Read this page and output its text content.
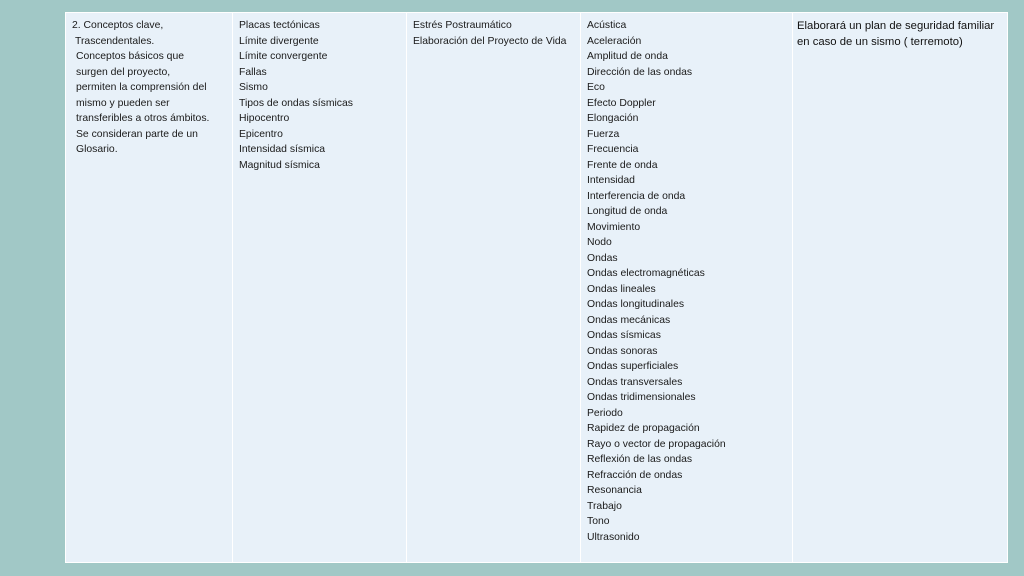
2. Conceptos clave,
Trascendentales.
Conceptos básicos que
surgen del proyecto,
permiten la comprensión del
mismo y pueden ser
transferibles a otros ámbitos.
Se consideran parte de un
Glosario.

Placas tectónicas
Límite divergente
Límite convergente
Fallas
Sismo
Tipos de ondas sísmicas
Hipocentro
Epicentro
Intensidad sísmica
Magnitud sísmica

Estrés Postraumático
Elaboración del Proyecto de Vida

Acústica
Aceleración
Amplitud de onda
Dirección de las ondas
Eco
Efecto Doppler
Elongación
Fuerza
Frecuencia
Frente de onda
Intensidad
Interferencia de onda
Longitud de onda
Movimiento
Nodo
Ondas
Ondas electromagnéticas
Ondas lineales
Ondas longitudinales
Ondas mecánicas
Ondas sísmicas
Ondas sonoras
Ondas superficiales
Ondas transversales
Ondas tridimensionales
Periodo
Rapidez de propagación
Rayo o vector de propagación
Reflexión de las ondas
Refracción de ondas
Resonancia
Trabajo
Tono
Ultrasonido

Elaborará un plan de seguridad familiar
en caso de un sismo ( terremoto)
